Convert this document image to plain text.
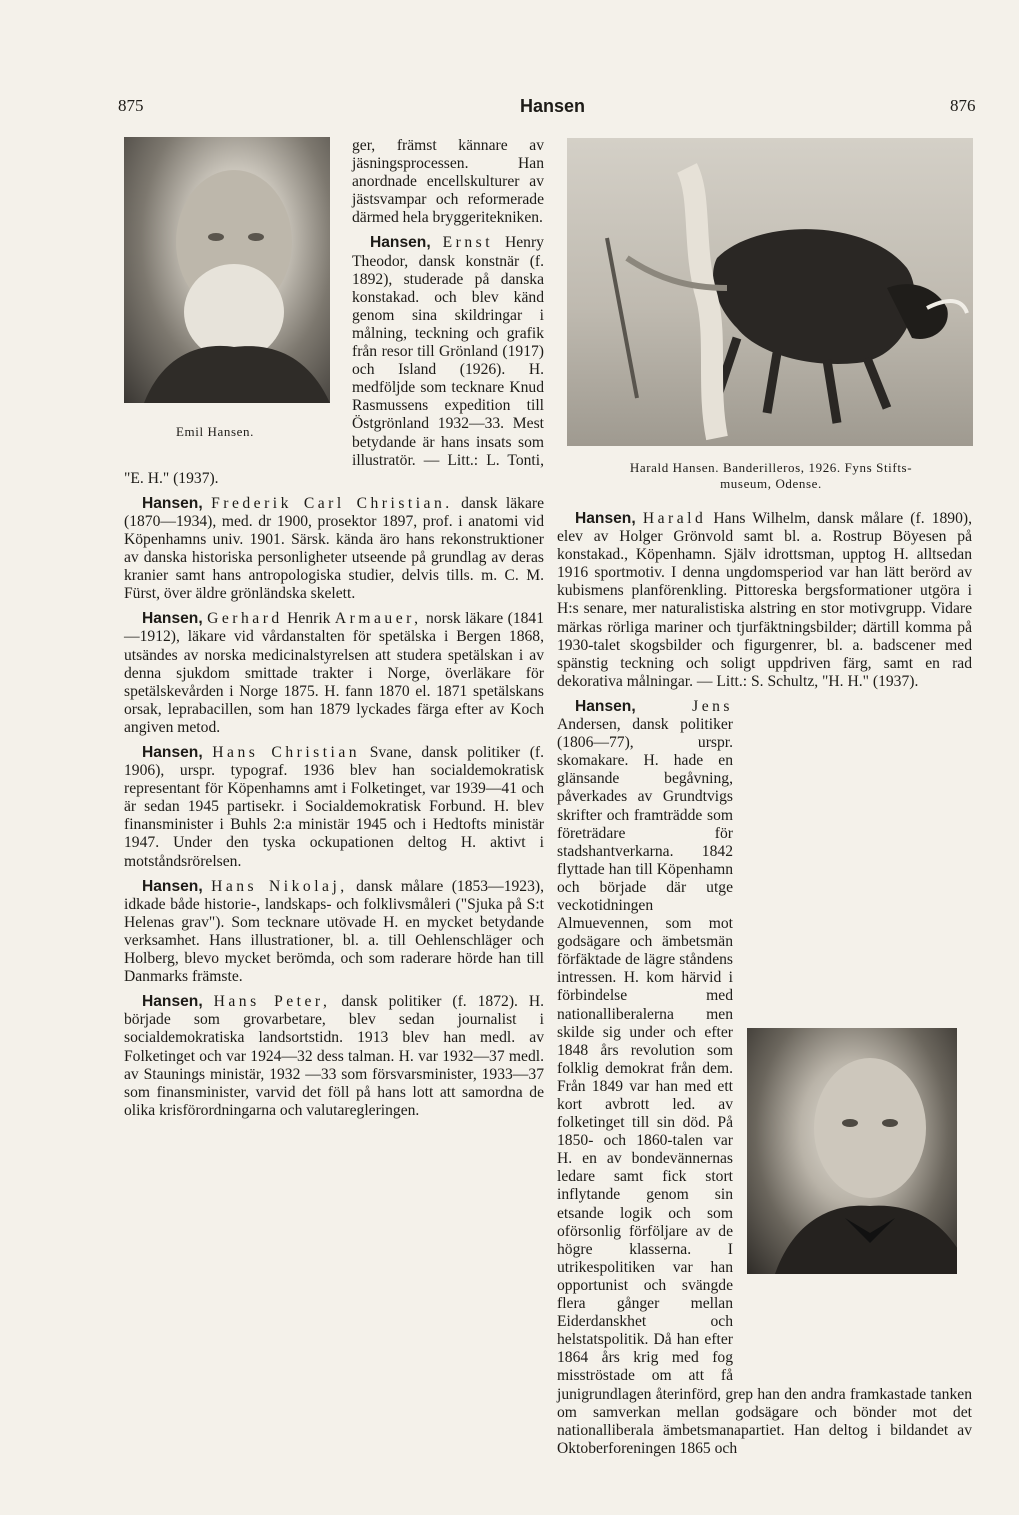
875	Hansen	876
Emil Hansen.

ger, främst kännare av jäsningsprocessen. Han anordnade encellskulturer av jästsvampar och reformerade därmed hela bryggeritekniken.

Hansen, Ernst Henry Theodor, dansk konstnär (f. 1892), studerade på danska konstakad. och blev känd genom sina skildringar i målning, teckning och grafik från resor till Grönland (1917) och Island (1926). H. medföljde som tecknare Knud Rasmussens expedition till Östgrönland 1932—33. Mest betydande är hans insats som illustratör. — Litt.: L. Tonti, "E. H." (1937).

Hansen, Frederik Carl Christian. dansk läkare (1870—1934), med. dr 1900, prosektor 1897, prof. i anatomi vid Köpenhamns univ. 1901. Särsk. kända äro hans rekonstruktioner av danska historiska personligheter utseende på grundlag av deras kranier samt hans antropologiska studier, delvis tills. m. C. M. Fürst, över äldre grönländska skelett.

Hansen, Gerhard Henrik Armauer, norsk läkare (1841—1912), läkare vid vårdanstalten för spetälska i Bergen 1868, utsändes av norska medicinalstyrelsen att studera spetälskan i av denna sjukdom smittade trakter i Norge, överläkare för spetälskevården i Norge 1875. H. fann 1870 el. 1871 spetälskans orsak, leprabacillen, som han 1879 lyckades färga efter av Koch angiven metod.

Hansen, Hans Christian Svane, dansk politiker (f. 1906), urspr. typograf. 1936 blev han socialdemokratisk representant för Köpenhamns amt i Folketinget, var 1939—41 och är sedan 1945 partisekr. i Socialdemokratisk Forbund. H. blev finansminister i Buhls 2:a ministär 1945 och i Hedtofts ministär 1947. Under den tyska ockupationen deltog H. aktivt i motståndsrörelsen.

Hansen, Hans Nikolaj, dansk målare (1853—1923), idkade både historie-, landskaps- och folklivsmåleri ("Sjuka på S:t Helenas grav"). Som tecknare utövade H. en mycket betydande verksamhet. Hans illustrationer, bl. a. till Oehlenschläger och Holberg, blevo mycket berömda, och som raderare hörde han till Danmarks främste.

Hansen, Hans Peter, dansk politiker (f. 1872). H. började som grovarbetare, blev sedan journalist i socialdemokratiska landsortstidn. 1913 blev han medl. av Folketinget och var 1924—32 dess talman. H. var 1932—37 medl. av Staunings ministär, 1932 —33 som försvarsminister, 1933—37 som finansminister, varvid det föll på hans lott att samordna de olika krisförordningarna och valutaregleringen.

Harald Hansen. Banderilleros, 1926. Fyns Stifts-
museum, Odense.

Hansen, Harald Hans Wilhelm, dansk målare (f. 1890), elev av Holger Grönvold samt bl. a. Rostrup Böyesen på konstakad., Köpenhamn. Själv idrottsman, upptog H. alltsedan 1916 sportmotiv. I denna ungdomsperiod var han lätt berörd av kubismens planförenkling. Pittoreska bergsformationer utgöra i H:s senare, mer naturalistiska alstring en stor motivgrupp. Vidare märkas rörliga mariner och tjurfäktningsbilder; därtill komma på 1930-talet skogsbilder och figurgenrer, bl. a. badscener med spänstig teckning och soligt uppdriven färg, samt en rad dekorativa målningar. — Litt.: S. Schultz, "H. H." (1937).

Hansen,	Jens
Andersen, dansk politiker (1806—77), urspr. skomakare. H. hade en glänsande begåvning, påverkades av Grundtvigs skrifter och framträdde som företrädare för stadshantverkarna. 1842 flyttade han till Köpenhamn och började där utge veckotidningen Almuevennen, som mot godsägare och ämbetsmän förfäktade de lägre ståndens intressen. H. kom härvid i förbindelse med nationalliberalerna men skilde sig under och efter 1848 års revolution som folklig demokrat från dem. Från 1849 var han med ett kort avbrott led. av folketinget till sin död. På 1850- och 1860-talen var H. en av bondevännernas ledare samt fick stort inflytande genom sin etsande logik och som oförsonlig förföljare av de högre klasserna. I utrikespolitiken var han opportunist och svängde flera gånger mellan Eiderdanskhet och helstatspolitik. Då han efter 1864 års krig med fog misströstade om att få junigrundlagen återinförd, grep han den andra framkastade tanken om samverkan mellan godsägare och bönder mot det nationalliberala ämbetsmanapartiet. Han deltog i bildandet av Oktoberforeningen 1865 och
